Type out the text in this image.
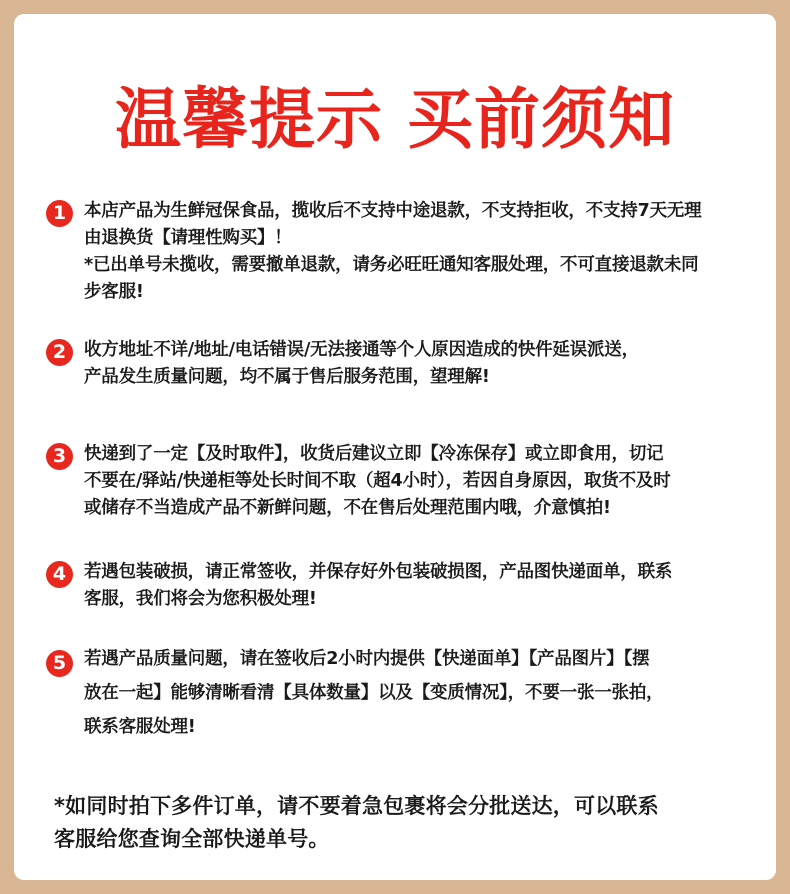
温馨提示 买前须知
1	本店产品为生鲜冠保食品，揽收后不支持中途退款，不支持拒收，不支持7天无理
由退换货【请理性购买】！
*已出单号未揽收，需要撤单退款，请务必旺旺通知客服处理，不可直接退款未同
步客服!
2	收方地址不详/地址/电话错误/无法接通等个人原因造成的快件延误派送，
产品发生质量问题，均不属于售后服务范围，望理解!
3	快递到了一定【及时取件】，收货后建议立即【冷冻保存】或立即食用，切记
不要在/驿站/快递柜等处长时间不取（超4小时），若因自身原因，取货不及时
或储存不当造成产品不新鲜问题，不在售后处理范围内哦，介意慎拍!
4	若遇包装破损，请正常签收，并保存好外包装破损图，产品图快递面单，联系
客服，我们将会为您积极处理!
5	若遇产品质量问题，请在签收后2小时内提供【快递面单】【产品图片】【摆
放在一起】能够清晰看清【具体数量】以及【变质情况】，不要一张一张拍，
联系客服处理!
*如同时拍下多件订单，请不要着急包裹将会分批送达，可以联系
客服给您查询全部快递单号。
